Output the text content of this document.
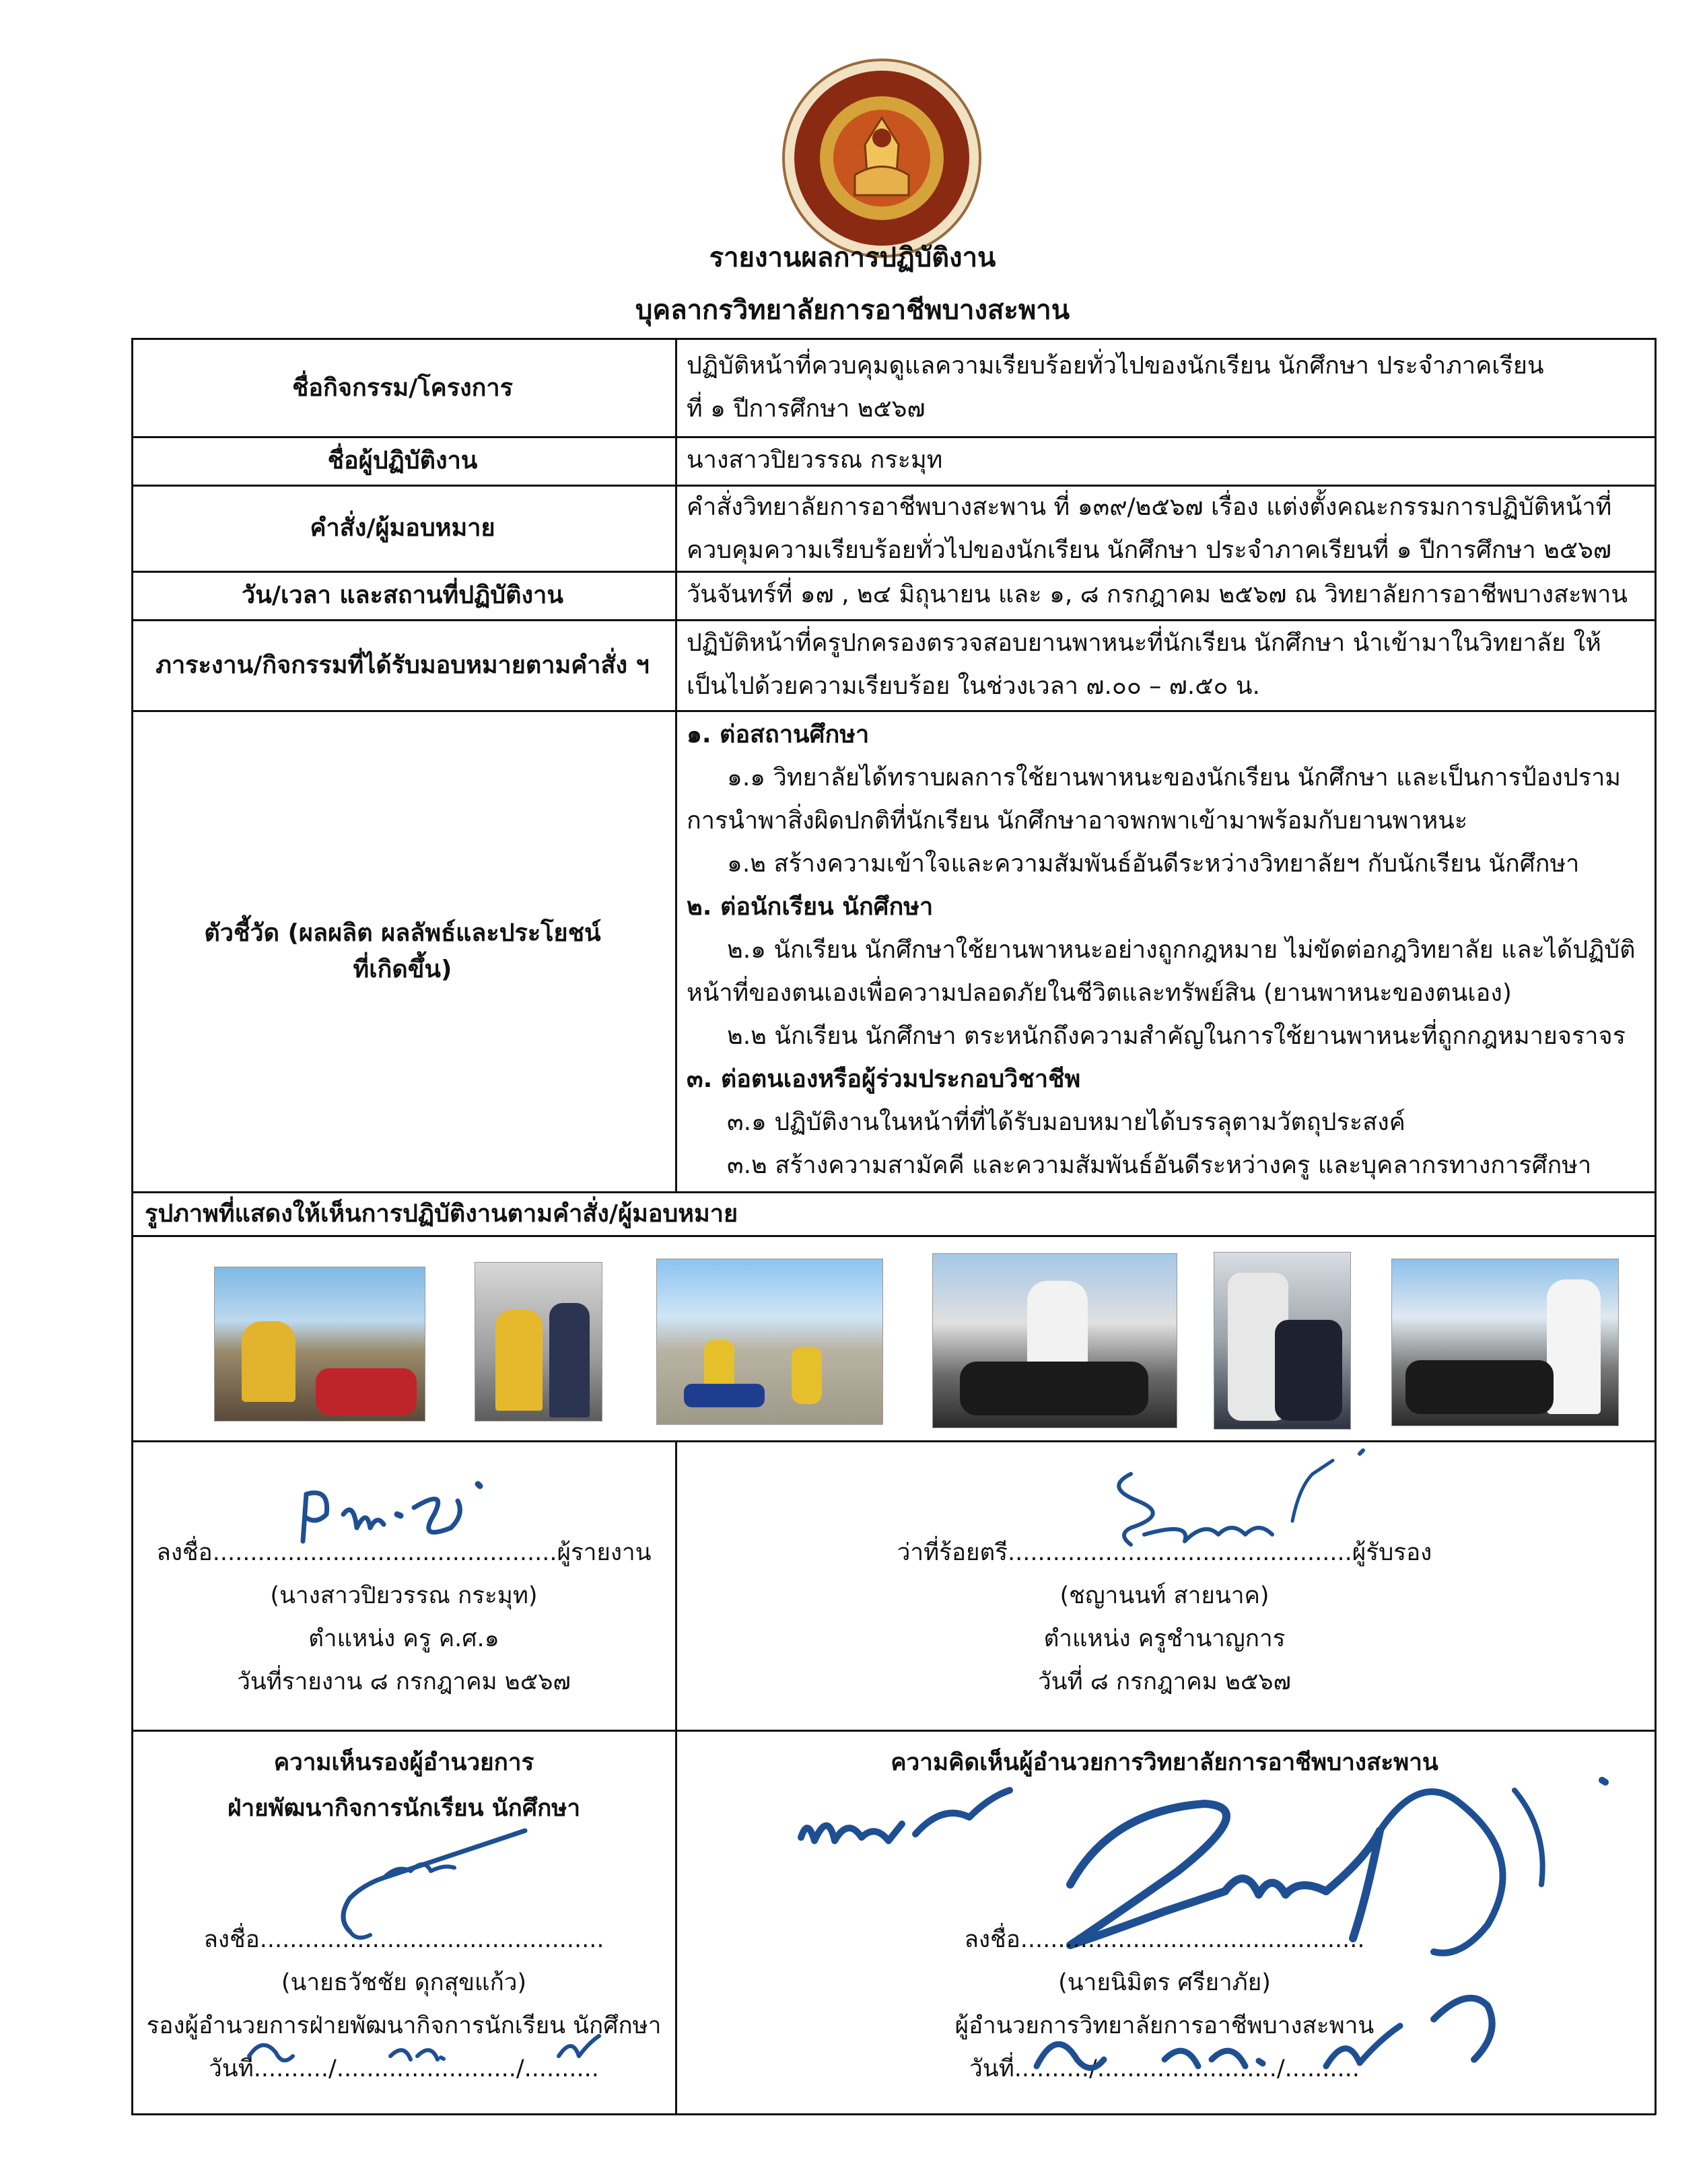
รายงานผลการปฏิบัติงาน
บุคลากรวิทยาลัยการอาชีพบางสะพาน
ชื่อกิจกรรม/โครงการ
ปฏิบัติหน้าที่ควบคุมดูแลความเรียบร้อยทั่วไปของนักเรียน นักศึกษา ประจำภาคเรียน
ที่ ๑ ปีการศึกษา ๒๕๖๗
ชื่อผู้ปฏิบัติงาน	นางสาวปิยวรรณ กระมุท
คำสั่ง/ผู้มอบหมาย
คำสั่งวิทยาลัยการอาชีพบางสะพาน ที่ ๑๓๙/๒๕๖๗ เรื่อง แต่งตั้งคณะกรรมการปฏิบัติหน้าที่
ควบคุมความเรียบร้อยทั่วไปของนักเรียน นักศึกษา ประจำภาคเรียนที่ ๑ ปีการศึกษา ๒๕๖๗
วัน/เวลา และสถานที่ปฏิบัติงาน	วันจันทร์ที่ ๑๗ , ๒๔ มิถุนายน และ ๑, ๘ กรกฎาคม ๒๕๖๗ ณ วิทยาลัยการอาชีพบางสะพาน
ภาระงาน/กิจกรรมที่ได้รับมอบหมายตามคำสั่ง ฯ
ปฏิบัติหน้าที่ครูปกครองตรวจสอบยานพาหนะที่นักเรียน นักศึกษา นำเข้ามาในวิทยาลัย ให้
เป็นไปด้วยความเรียบร้อย ในช่วงเวลา ๗.๐๐ – ๗.๕๐ น.
ตัวชี้วัด (ผลผลิต ผลลัพธ์และประโยชน์
ที่เกิดขึ้น)
๑. ต่อสถานศึกษา
๑.๑ วิทยาลัยได้ทราบผลการใช้ยานพาหนะของนักเรียน นักศึกษา และเป็นการป้องปราม
การนำพาสิ่งผิดปกติที่นักเรียน นักศึกษาอาจพกพาเข้ามาพร้อมกับยานพาหนะ
๑.๒ สร้างความเข้าใจและความสัมพันธ์อันดีระหว่างวิทยาลัยฯ กับนักเรียน นักศึกษา
๒. ต่อนักเรียน นักศึกษา
๒.๑ นักเรียน นักศึกษาใช้ยานพาหนะอย่างถูกกฎหมาย ไม่ขัดต่อกฎวิทยาลัย และได้ปฏิบัติ
หน้าที่ของตนเองเพื่อความปลอดภัยในชีวิตและทรัพย์สิน (ยานพาหนะของตนเอง)
๒.๒ นักเรียน นักศึกษา ตระหนักถึงความสำคัญในการใช้ยานพาหนะที่ถูกกฎหมายจราจร
๓. ต่อตนเองหรือผู้ร่วมประกอบวิชาชีพ
๓.๑ ปฏิบัติงานในหน้าที่ที่ได้รับมอบหมายได้บรรลุตามวัตถุประสงค์
๓.๒ สร้างความสามัคคี และความสัมพันธ์อันดีระหว่างครู และบุคลากรทางการศึกษา
รูปภาพที่แสดงให้เห็นการปฏิบัติงานตามคำสั่ง/ผู้มอบหมาย
ลงชื่อ..............................................ผู้รายงาน
(นางสาวปิยวรรณ กระมุท)
ตำแหน่ง ครู ค.ศ.๑
วันที่รายงาน ๘ กรกฎาคม ๒๕๖๗
ว่าที่ร้อยตรี..............................................ผู้รับรอง
(ชญานนท์ สายนาค)
ตำแหน่ง ครูชำนาญการ
วันที่ ๘ กรกฎาคม ๒๕๖๗
ความเห็นรองผู้อำนวยการ
ฝ่ายพัฒนากิจการนักเรียน นักศึกษา
ลงชื่อ..............................................
(นายธวัชชัย ดุกสุขแก้ว)
รองผู้อำนวยการฝ่ายพัฒนากิจการนักเรียน นักศึกษา
วันที่........../......................../..........
ความคิดเห็นผู้อำนวยการวิทยาลัยการอาชีพบางสะพาน
ลงชื่อ..............................................
(นายนิมิตร ศรียาภัย)
ผู้อำนวยการวิทยาลัยการอาชีพบางสะพาน
วันที่........../......................../..........
